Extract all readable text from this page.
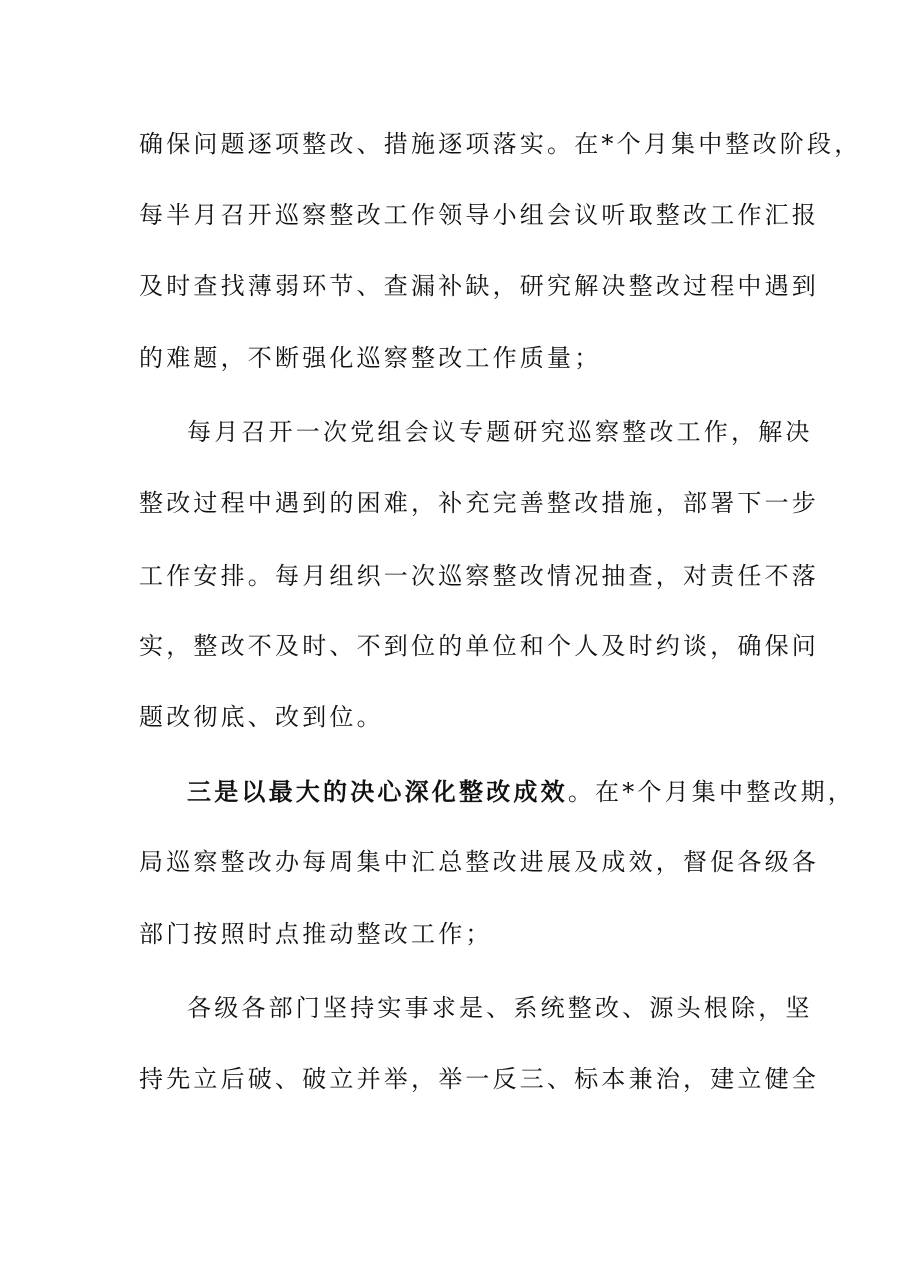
确保问题逐项整改、措施逐项落实。在*个月集中整改阶段，
每半月召开巡察整改工作领导小组会议听取整改工作汇报
及时查找薄弱环节、查漏补缺，研究解决整改过程中遇到
的难题，不断强化巡察整改工作质量；
每月召开一次党组会议专题研究巡察整改工作，解决
整改过程中遇到的困难，补充完善整改措施，部署下一步
工作安排。每月组织一次巡察整改情况抽查，对责任不落
实，整改不及时、不到位的单位和个人及时约谈，确保问
题改彻底、改到位。
三是以最大的决心深化整改成效。在*个月集中整改期，
局巡察整改办每周集中汇总整改进展及成效，督促各级各
部门按照时点推动整改工作；
各级各部门坚持实事求是、系统整改、源头根除，坚
持先立后破、破立并举，举一反三、标本兼治，建立健全
